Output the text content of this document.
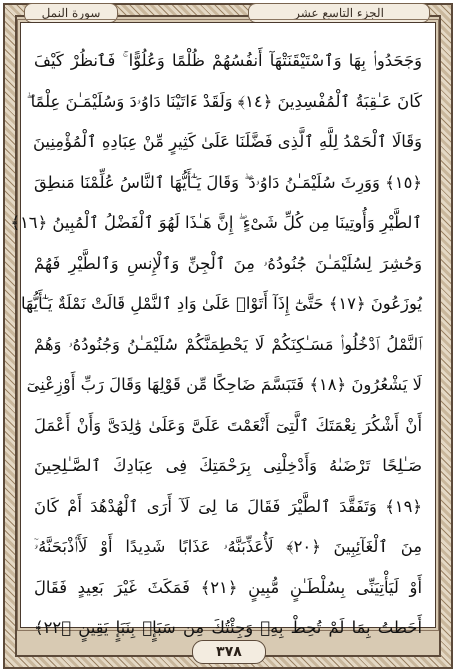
الجزء التاسع عشر
سورة النمل
وَجَحَدُوا۟ بِهَا وَٱسْتَيْقَنَتْهَآ أَنفُسُهُمْ ظُلْمًا وَعُلُوًّا ۚ فَٱنظُرْ كَيْفَ
كَانَ عَـٰقِبَةُ ٱلْمُفْسِدِينَ ﴿١٤﴾ وَلَقَدْ ءَاتَيْنَا دَاوُۥدَ وَسُلَيْمَـٰنَ عِلْمًا ۖ
وَقَالَا ٱلْحَمْدُ لِلَّهِ ٱلَّذِى فَضَّلَنَا عَلَىٰ كَثِيرٍ مِّنْ عِبَادِهِ ٱلْمُؤْمِنِينَ
﴿١٥﴾ وَوَرِثَ سُلَيْمَـٰنُ دَاوُۥدَ ۖ وَقَالَ يَـٰٓأَيُّهَا ٱلنَّاسُ عُلِّمْنَا مَنطِقَ
ٱلطَّيْرِ وَأُوتِينَا مِن كُلِّ شَىْءٍ ۖ إِنَّ هَـٰذَا لَهُوَ ٱلْفَضْلُ ٱلْمُبِينُ ﴿١٦﴾
وَحُشِرَ لِسُلَيْمَـٰنَ جُنُودُهُۥ مِنَ ٱلْجِنِّ وَٱلْإِنسِ وَٱلطَّيْرِ فَهُمْ
يُوزَعُونَ ﴿١٧﴾ حَتَّىٰٓ إِذَآ أَتَوْا۟ عَلَىٰ وَادِ ٱلنَّمْلِ قَالَتْ نَمْلَةٌ يَـٰٓأَيُّهَا
ٱلنَّمْلُ ٱدْخُلُوا۟ مَسَـٰكِنَكُمْ لَا يَحْطِمَنَّكُمْ سُلَيْمَـٰنُ وَجُنُودُهُۥ وَهُمْ
لَا يَشْعُرُونَ ﴿١٨﴾ فَتَبَسَّمَ ضَاحِكًا مِّن قَوْلِهَا وَقَالَ رَبِّ أَوْزِعْنِىٓ
أَنْ أَشْكُرَ نِعْمَتَكَ ٱلَّتِىٓ أَنْعَمْتَ عَلَىَّ وَعَلَىٰ وَٰلِدَىَّ وَأَنْ أَعْمَلَ
صَـٰلِحًا تَرْضَىٰهُ وَأَدْخِلْنِى بِرَحْمَتِكَ فِى عِبَادِكَ ٱلصَّـٰلِحِينَ
﴿١٩﴾ وَتَفَقَّدَ ٱلطَّيْرَ فَقَالَ مَا لِىَ لَآ أَرَى ٱلْهُدْهُدَ أَمْ كَانَ
مِنَ ٱلْغَآئِبِينَ ﴿٢٠﴾ لَأُعَذِّبَنَّهُۥ عَذَابًا شَدِيدًا أَوْ لَأَا۟ذْبَحَنَّهُۥٓ
أَوْ لَيَأْتِيَنِّى بِسُلْطَـٰنٍ مُّبِينٍ ﴿٢١﴾ فَمَكَثَ غَيْرَ بَعِيدٍ فَقَالَ
أَحَطتُ بِمَا لَمْ تُحِطْ بِهِۦ وَجِئْتُكَ مِن سَبَإٍۭ بِنَبَإٍ يَقِينٍ ﴿٢٢﴾
٣٧٨
